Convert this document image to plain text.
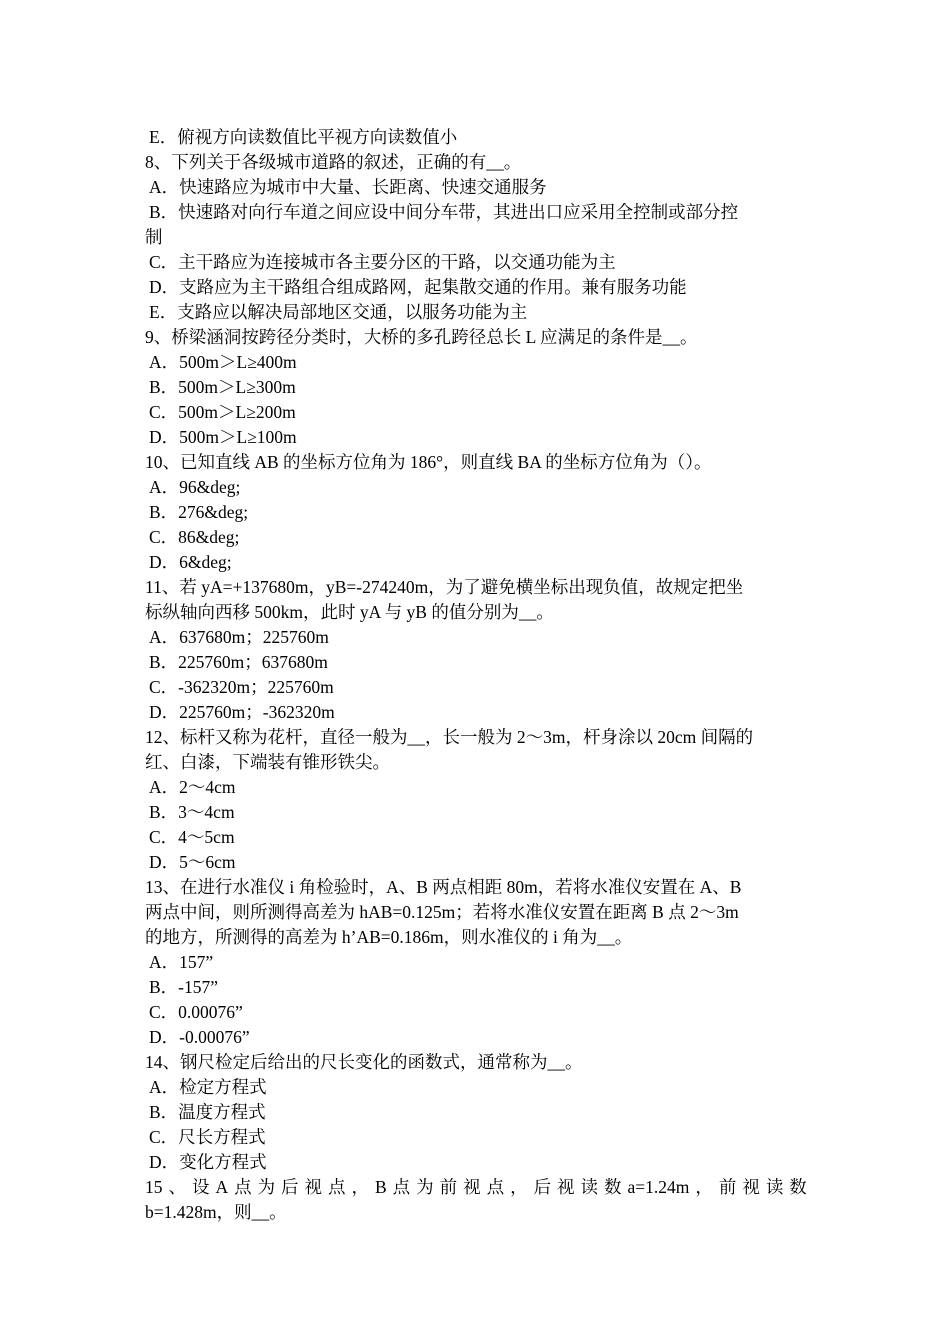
E．俯视方向读数值比平视方向读数值小
8、下列关于各级城市道路的叙述，正确的有__。
A．快速路应为城市中大量、长距离、快速交通服务
B．快速路对向行车道之间应设中间分车带，其进出口应采用全控制或部分控
制
C．主干路应为连接城市各主要分区的干路，以交通功能为主
D．支路应为主干路组合组成路网，起集散交通的作用。兼有服务功能
E．支路应以解决局部地区交通，以服务功能为主
9、桥梁涵洞按跨径分类时，大桥的多孔跨径总长 L 应满足的条件是__。
A．500m＞L≥400m
B．500m＞L≥300m
C．500m＞L≥200m
D．500m＞L≥100m
10、已知直线 AB 的坐标方位角为 186°，则直线 BA 的坐标方位角为（）。
A．96&deg;
B．276&deg;
C．86&deg;
D．6&deg;
11、若 yA=+137680m，yB=-274240m，为了避免横坐标出现负值，故规定把坐
标纵轴向西移 500km，此时 yA 与 yB 的值分别为__。
A．637680m；225760m
B．225760m；637680m
C．-362320m；225760m
D．225760m；-362320m
12、标杆又称为花杆，直径一般为__，长一般为 2～3m，杆身涂以 20cm 间隔的
红、白漆，下端装有锥形铁尖。
A．2～4cm
B．3～4cm
C．4～5cm
D．5～6cm
13、在进行水准仪 i 角检验时，A、B 两点相距 80m，若将水准仪安置在 A、B
两点中间，则所测得高差为 hAB=0.125m；若将水准仪安置在距离 B 点 2～3m
的地方，所测得的高差为 h’AB=0.186m，则水准仪的 i 角为__。
A．157”
B．-157”
C．0.00076”
D．-0.00076”
14、钢尺检定后给出的尺长变化的函数式，通常称为__。
A．检定方程式
B．温度方程式
C．尺长方程式
D．变化方程式
15 、 设 A 点 为 后 视 点 ， B 点 为 前 视 点 ， 后 视 读 数 a=1.24m ， 前 视 读 数
b=1.428m，则__。
